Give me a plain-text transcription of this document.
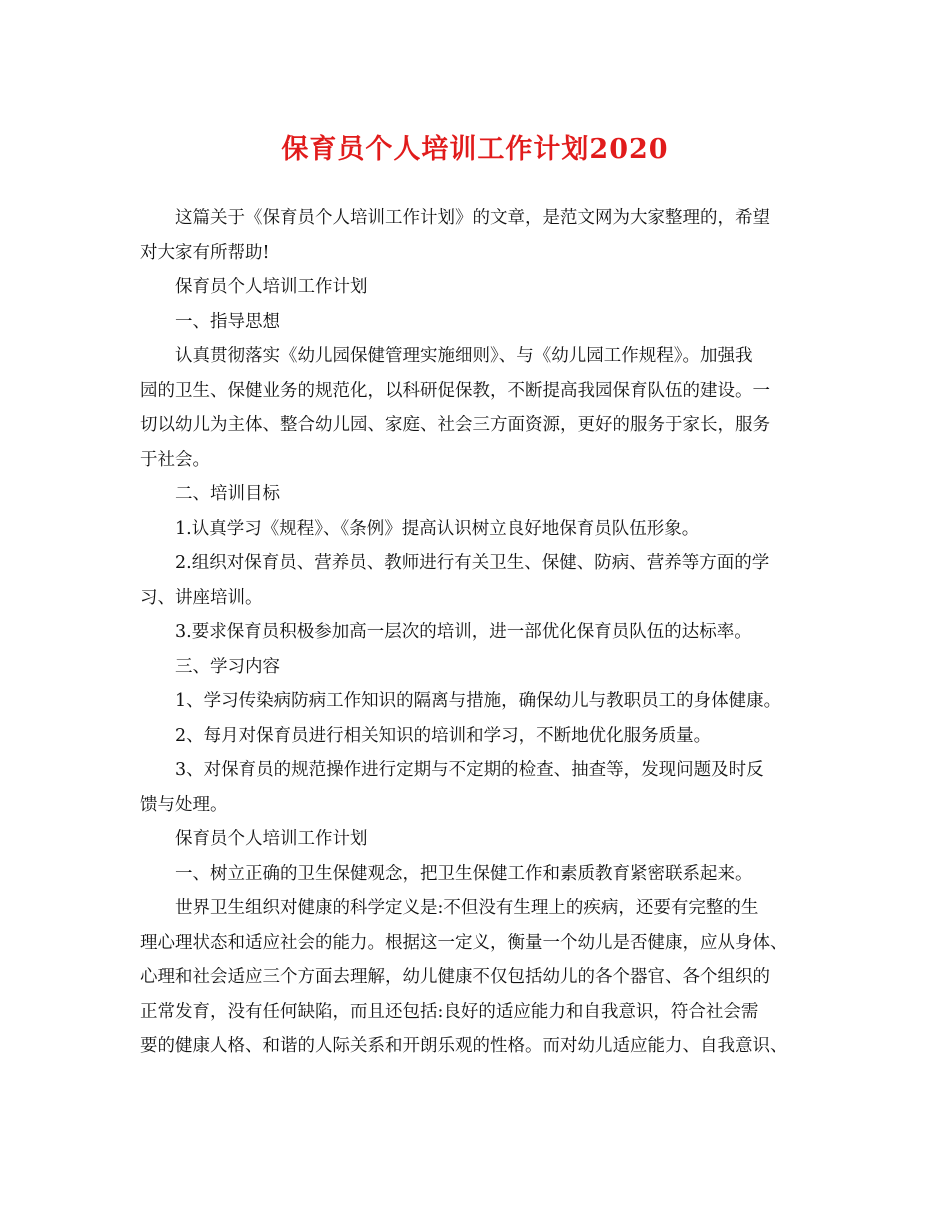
保育员个人培训工作计划2020
这篇关于《保育员个人培训工作计划》的文章，是范文网为大家整理的，希望
对大家有所帮助!
保育员个人培训工作计划
一、指导思想
认真贯彻落实《幼儿园保健管理实施细则》、与《幼儿园工作规程》。加强我
园的卫生、保健业务的规范化，以科研促保教，不断提高我园保育队伍的建设。一
切以幼儿为主体、整合幼儿园、家庭、社会三方面资源，更好的服务于家长，服务
于社会。
二、培训目标
1.认真学习《规程》、《条例》提高认识树立良好地保育员队伍形象。
2.组织对保育员、营养员、教师进行有关卫生、保健、防病、营养等方面的学
习、讲座培训。
3.要求保育员积极参加高一层次的培训，进一部优化保育员队伍的达标率。
三、学习内容
1、学习传染病防病工作知识的隔离与措施，确保幼儿与教职员工的身体健康。
2、每月对保育员进行相关知识的培训和学习，不断地优化服务质量。
3、对保育员的规范操作进行定期与不定期的检查、抽查等，发现问题及时反
馈与处理。
保育员个人培训工作计划
一、树立正确的卫生保健观念，把卫生保健工作和素质教育紧密联系起来。
世界卫生组织对健康的科学定义是:不但没有生理上的疾病，还要有完整的生
理心理状态和适应社会的能力。根据这一定义，衡量一个幼儿是否健康，应从身体、
心理和社会适应三个方面去理解，幼儿健康不仅包括幼儿的各个器官、各个组织的
正常发育，没有任何缺陷，而且还包括:良好的适应能力和自我意识，符合社会需
要的健康人格、和谐的人际关系和开朗乐观的性格。而对幼儿适应能力、自我意识、
